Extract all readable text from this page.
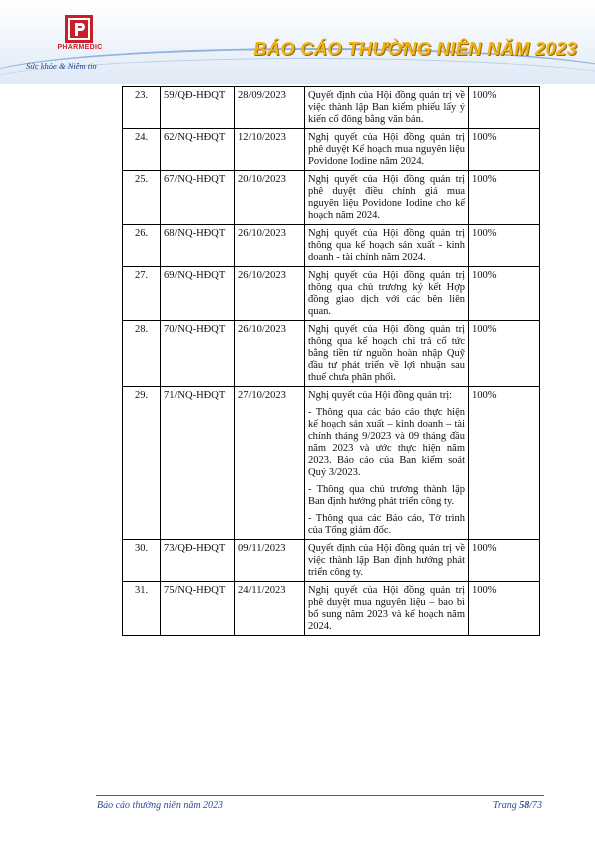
PHARMEDIC
Sức khỏe & Niềm tin
BÁO CÁO THƯỜNG NIÊN NĂM 2023
23.	59/QĐ-HĐQT	28/09/2023	Quyết định của Hội đồng quản trị về việc thành lập Ban kiểm phiếu lấy ý kiến cổ đông bằng văn bản.	100%
24.	62/NQ-HĐQT	12/10/2023	Nghị quyết của Hội đồng quản trị phê duyệt Kế hoạch mua nguyên liệu Povidone Iodine năm 2024.	100%
25.	67/NQ-HĐQT	20/10/2023	Nghị quyết của Hội đồng quản trị phê duyệt điều chỉnh giá mua nguyên liệu Povidone Iodine cho kế hoạch năm 2024.	100%
26.	68/NQ-HĐQT	26/10/2023	Nghị quyết của Hội đồng quản trị thông qua kế hoạch sản xuất - kinh doanh - tài chính năm 2024.	100%
27.	69/NQ-HĐQT	26/10/2023	Nghị quyết của Hội đồng quản trị thông qua chủ trương ký kết Hợp đồng giao dịch với các bên liên quan.	100%
28.	70/NQ-HĐQT	26/10/2023	Nghị quyết của Hội đồng quản trị thông qua kế hoạch chi trả cổ tức bằng tiền từ nguồn hoàn nhập Quỹ đầu tư phát triển về lợi nhuận sau thuế chưa phân phối.	100%
29.	71/NQ-HĐQT	27/10/2023	Nghị quyết của Hội đồng quản trị:
- Thông qua các báo cáo thực hiện kế hoạch sản xuất – kinh doanh – tài chính tháng 9/2023 và 09 tháng đầu năm 2023 và ước thực hiện năm 2023. Báo cáo của Ban kiểm soát Quý 3/2023.
- Thông qua chủ trương thành lập Ban định hướng phát triển công ty.
- Thông qua các Báo cáo, Tờ trình của Tổng giám đốc.	100%
30.	73/QĐ-HĐQT	09/11/2023	Quyết định của Hội đồng quản trị về việc thành lập Ban định hướng phát triển công ty.	100%
31.	75/NQ-HĐQT	24/11/2023	Nghị quyết của Hội đồng quản trị phê duyệt mua nguyên liệu – bao bì bổ sung năm 2023 và kế hoạch năm 2024.	100%
Báo cáo thường niên năm 2023	Trang 58/73
